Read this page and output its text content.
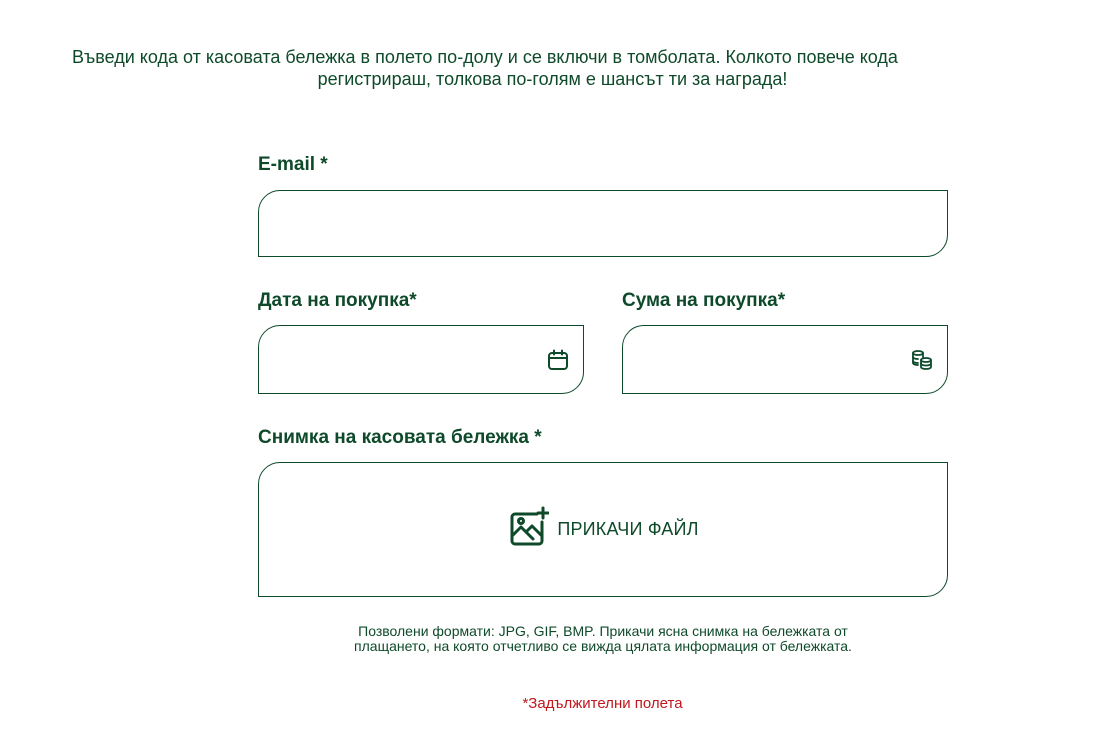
Въведи кода от касовата бележка в полето по-долу и се включи в томболата. Колкото повече кода
регистрираш, толкова по-голям е шансът ти за награда!
E-mail *
Дата на покупка*	Сума на покупка*
Снимка на касовата бележка *
ПРИКАЧИ ФАЙЛ
Позволени формати: JPG, GIF, BMP. Прикачи ясна снимка на бележката от
плащането, на която отчетливо се вижда цялата информация от бележката.
*Задължителни полета
